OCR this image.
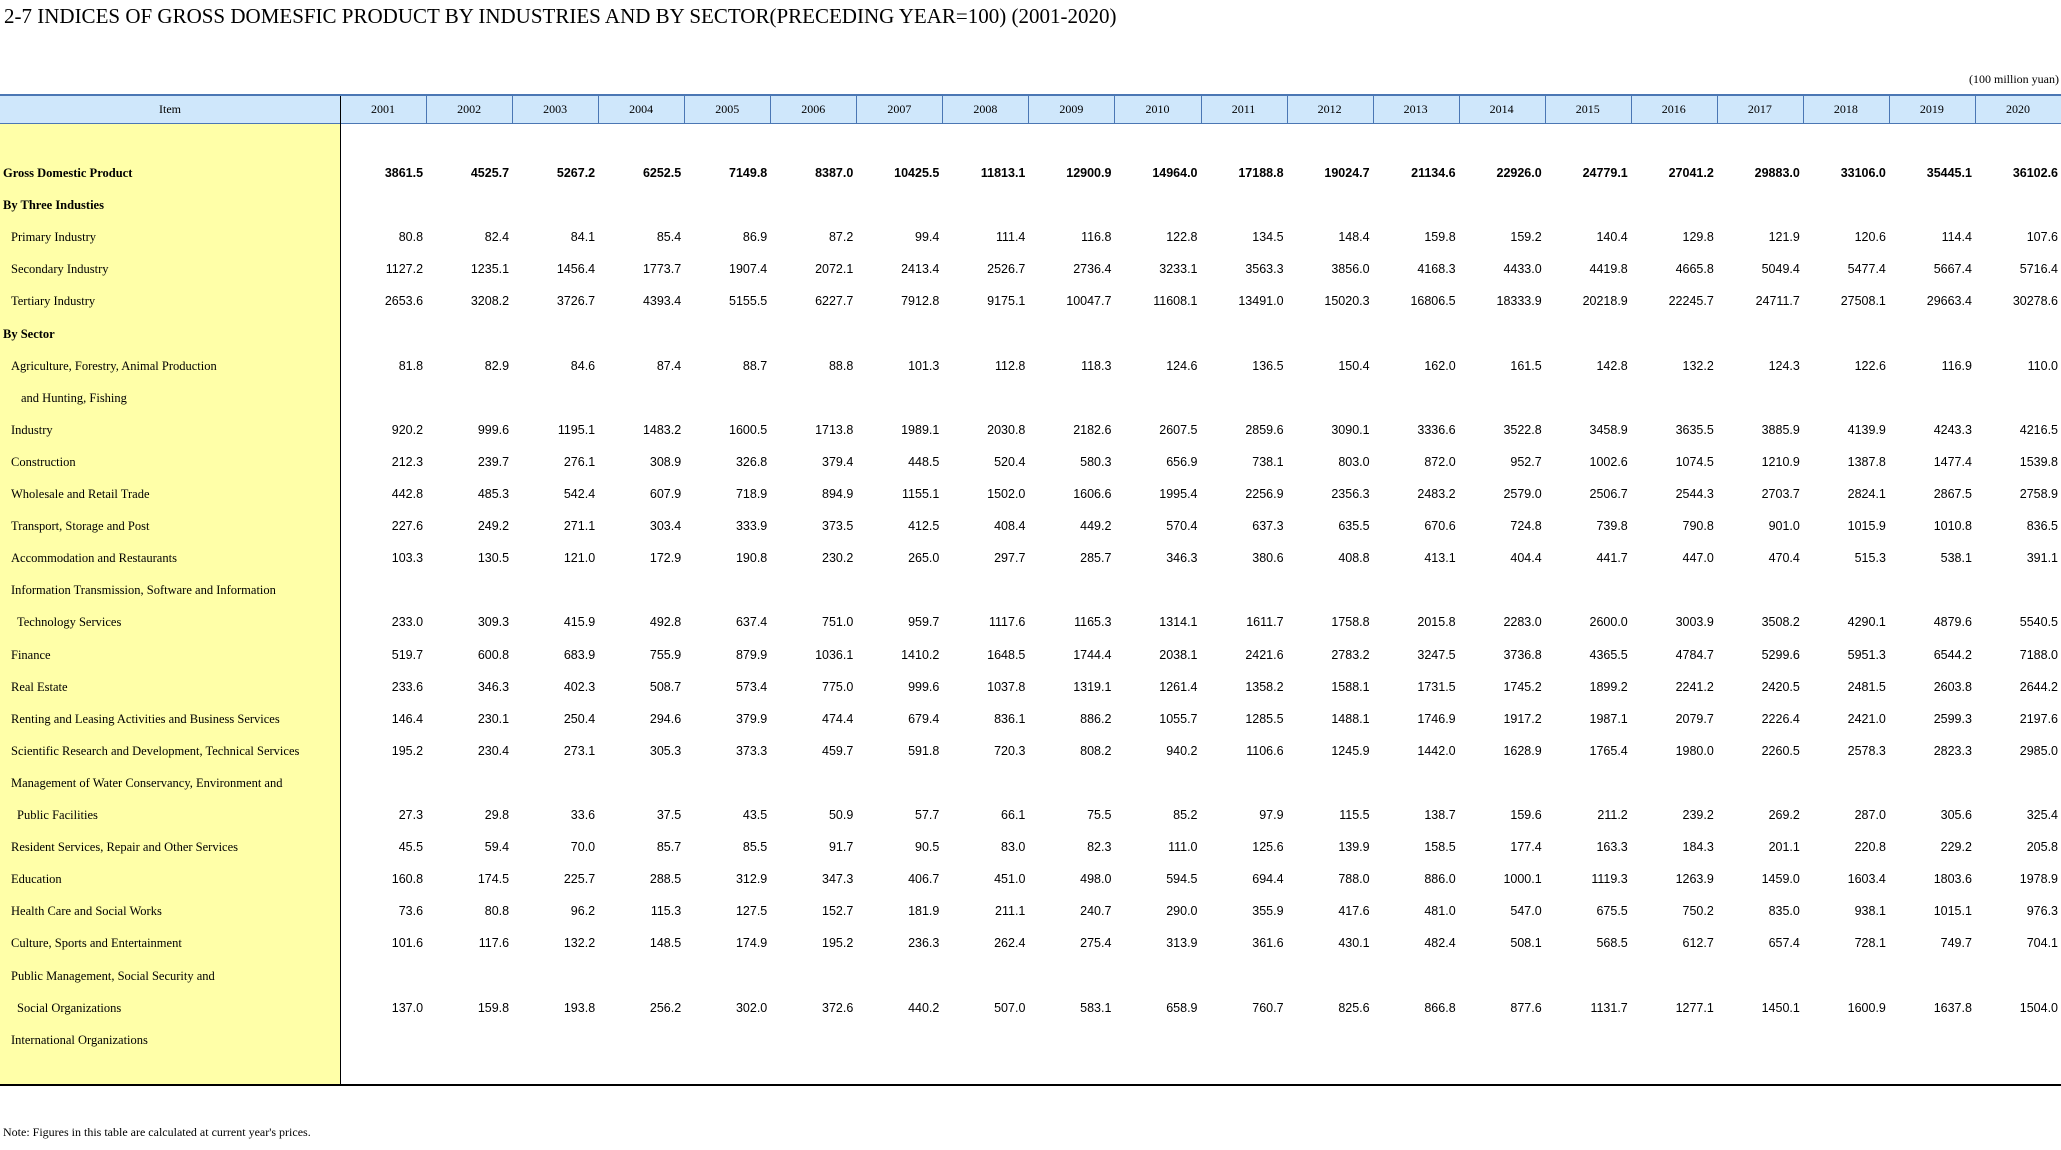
2-7 INDICES OF GROSS DOMESFIC PRODUCT BY INDUSTRIES AND BY SECTOR(PRECEDING YEAR=100) (2001-2020)
(100 million yuan)
Item	2001	2002	2003	2004	2005	2006	2007	2008	2009	2010	2011	2012	2013	2014	2015	2016	2017	2018	2019	2020
Gross Domestic Product	3861.5	4525.7	5267.2	6252.5	7149.8	8387.0	10425.5	11813.1	12900.9	14964.0	17188.8	19024.7	21134.6	22926.0	24779.1	27041.2	29883.0	33106.0	35445.1	36102.6
By Three Industies
Primary Industry	80.8	82.4	84.1	85.4	86.9	87.2	99.4	111.4	116.8	122.8	134.5	148.4	159.8	159.2	140.4	129.8	121.9	120.6	114.4	107.6
Secondary Industry	1127.2	1235.1	1456.4	1773.7	1907.4	2072.1	2413.4	2526.7	2736.4	3233.1	3563.3	3856.0	4168.3	4433.0	4419.8	4665.8	5049.4	5477.4	5667.4	5716.4
Tertiary Industry	2653.6	3208.2	3726.7	4393.4	5155.5	6227.7	7912.8	9175.1	10047.7	11608.1	13491.0	15020.3	16806.5	18333.9	20218.9	22245.7	24711.7	27508.1	29663.4	30278.6
By Sector
Agriculture, Forestry, Animal Production	81.8	82.9	84.6	87.4	88.7	88.8	101.3	112.8	118.3	124.6	136.5	150.4	162.0	161.5	142.8	132.2	124.3	122.6	116.9	110.0
and Hunting, Fishing
Industry	920.2	999.6	1195.1	1483.2	1600.5	1713.8	1989.1	2030.8	2182.6	2607.5	2859.6	3090.1	3336.6	3522.8	3458.9	3635.5	3885.9	4139.9	4243.3	4216.5
Construction	212.3	239.7	276.1	308.9	326.8	379.4	448.5	520.4	580.3	656.9	738.1	803.0	872.0	952.7	1002.6	1074.5	1210.9	1387.8	1477.4	1539.8
Wholesale and Retail Trade	442.8	485.3	542.4	607.9	718.9	894.9	1155.1	1502.0	1606.6	1995.4	2256.9	2356.3	2483.2	2579.0	2506.7	2544.3	2703.7	2824.1	2867.5	2758.9
Transport, Storage and Post	227.6	249.2	271.1	303.4	333.9	373.5	412.5	408.4	449.2	570.4	637.3	635.5	670.6	724.8	739.8	790.8	901.0	1015.9	1010.8	836.5
Accommodation and Restaurants	103.3	130.5	121.0	172.9	190.8	230.2	265.0	297.7	285.7	346.3	380.6	408.8	413.1	404.4	441.7	447.0	470.4	515.3	538.1	391.1
Information Transmission, Software and Information
Technology Services	233.0	309.3	415.9	492.8	637.4	751.0	959.7	1117.6	1165.3	1314.1	1611.7	1758.8	2015.8	2283.0	2600.0	3003.9	3508.2	4290.1	4879.6	5540.5
Finance	519.7	600.8	683.9	755.9	879.9	1036.1	1410.2	1648.5	1744.4	2038.1	2421.6	2783.2	3247.5	3736.8	4365.5	4784.7	5299.6	5951.3	6544.2	7188.0
Real Estate	233.6	346.3	402.3	508.7	573.4	775.0	999.6	1037.8	1319.1	1261.4	1358.2	1588.1	1731.5	1745.2	1899.2	2241.2	2420.5	2481.5	2603.8	2644.2
Renting and Leasing Activities and Business Services	146.4	230.1	250.4	294.6	379.9	474.4	679.4	836.1	886.2	1055.7	1285.5	1488.1	1746.9	1917.2	1987.1	2079.7	2226.4	2421.0	2599.3	2197.6
Scientific Research and Development, Technical Services	195.2	230.4	273.1	305.3	373.3	459.7	591.8	720.3	808.2	940.2	1106.6	1245.9	1442.0	1628.9	1765.4	1980.0	2260.5	2578.3	2823.3	2985.0
Management of Water Conservancy, Environment and
Public Facilities	27.3	29.8	33.6	37.5	43.5	50.9	57.7	66.1	75.5	85.2	97.9	115.5	138.7	159.6	211.2	239.2	269.2	287.0	305.6	325.4
Resident Services, Repair and Other Services	45.5	59.4	70.0	85.7	85.5	91.7	90.5	83.0	82.3	111.0	125.6	139.9	158.5	177.4	163.3	184.3	201.1	220.8	229.2	205.8
Education	160.8	174.5	225.7	288.5	312.9	347.3	406.7	451.0	498.0	594.5	694.4	788.0	886.0	1000.1	1119.3	1263.9	1459.0	1603.4	1803.6	1978.9
Health Care and Social Works	73.6	80.8	96.2	115.3	127.5	152.7	181.9	211.1	240.7	290.0	355.9	417.6	481.0	547.0	675.5	750.2	835.0	938.1	1015.1	976.3
Culture, Sports and Entertainment	101.6	117.6	132.2	148.5	174.9	195.2	236.3	262.4	275.4	313.9	361.6	430.1	482.4	508.1	568.5	612.7	657.4	728.1	749.7	704.1
Public Management, Social Security and
Social Organizations	137.0	159.8	193.8	256.2	302.0	372.6	440.2	507.0	583.1	658.9	760.7	825.6	866.8	877.6	1131.7	1277.1	1450.1	1600.9	1637.8	1504.0
International Organizations
Note: Figures in this table are calculated at current year's prices.
